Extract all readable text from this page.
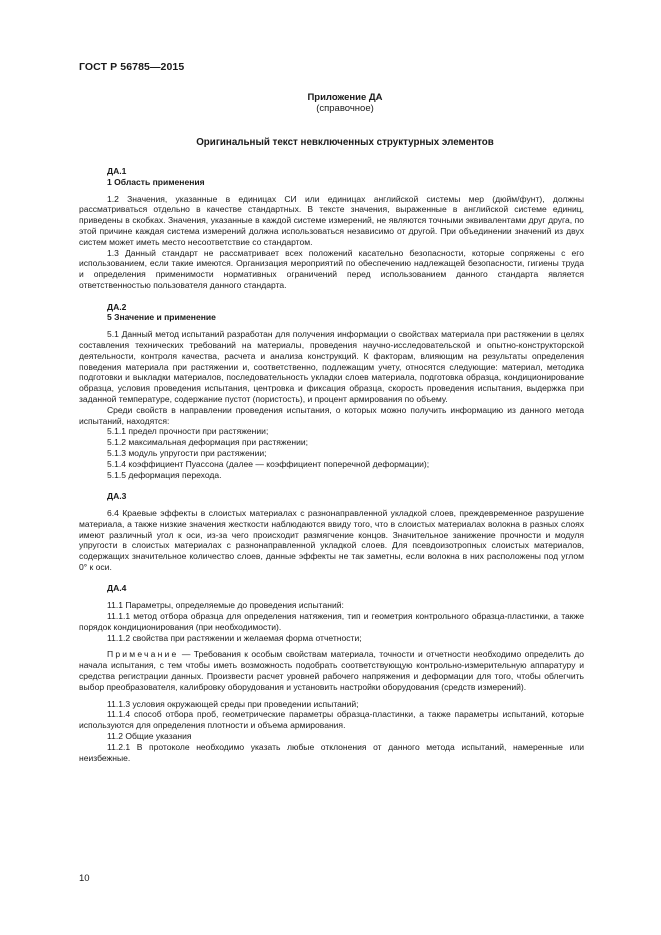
ГОСТ Р 56785—2015
Приложение ДА
(справочное)
Оригинальный текст невключенных структурных элементов

ДА.1

1 Область применения

1.2 Значения, указанные в единицах СИ или единицах английской системы мер (дюйм/фунт), должны рассматриваться отдельно в качестве стандартных. В тексте значения, выраженные в английской системе единиц, приведены в скобках. Значения, указанные в каждой системе измерений, не являются точными эквивалентами друг друга, по этой причине каждая система измерений должна использоваться независимо от другой. При объединении значений из двух систем может иметь место несоответствие со стандартом.

1.3 Данный стандарт не рассматривает всех положений касательно безопасности, которые сопряжены с его использованием, если такие имеются. Организация мероприятий по обеспечению надлежащей безопасности, гигиены труда и определения применимости нормативных ограничений перед использованием данного стандарта является ответственностью пользователя данного стандарта.

ДА.2

5 Значение и применение

5.1 Данный метод испытаний разработан для получения информации о свойствах материала при растяжении в целях составления технических требований на материалы, проведения научно-исследовательской и опытно-конструкторской деятельности, контроля качества, расчета и анализа конструкций. К факторам, влияющим на результаты определения поведения материала при растяжении и, соответственно, подлежащим учету, относятся следующие: материал, методика подготовки и выкладки материалов, последовательность укладки слоев материала, подготовка образца, кондиционирование образца, условия проведения испытания, центровка и фиксация образца, скорость проведения испытания, выдержка при заданной температуре, содержание пустот (пористость), и процент армирования по объему.

Среди свойств в направлении проведения испытания, о которых можно получить информацию из данного метода испытаний, находятся:

5.1.1 предел прочности при растяжении;

5.1.2 максимальная деформация при растяжении;

5.1.3 модуль упругости при растяжении;

5.1.4 коэффициент Пуассона (далее — коэффициент поперечной деформации);

5.1.5 деформация перехода.

ДА.3

6.4 Краевые эффекты в слоистых материалах с разнонаправленной укладкой слоев, преждевременное разрушение материала, а также низкие значения жесткости наблюдаются ввиду того, что в слоистых материалах волокна в разных слоях имеют различный угол к оси, из-за чего происходит размягчение концов. Значительное занижение прочности и модуля упругости в слоистых материалах с разнонаправленной укладкой слоев. Для псевдоизотропных слоистых материалов, содержащих значительное количество слоев, данные эффекты не так заметны, если волокна в них расположены под углом 0° к оси.

ДА.4

11.1 Параметры, определяемые до проведения испытаний:

11.1.1 метод отбора образца для определения натяжения, тип и геометрия контрольного образца-пластинки, а также порядок кондиционирования (при необходимости).

11.1.2 свойства при растяжении и желаемая форма отчетности;

Примечание — Требования к особым свойствам материала, точности и отчетности необходимо определить до начала испытания, с тем чтобы иметь возможность подобрать соответствующую контрольно-измерительную аппаратуру и средства регистрации данных. Произвести расчет уровней рабочего напряжения и деформации для того, чтобы облегчить выбор преобразователя, калибровку оборудования и установить настройки оборудования (средств измерений).

11.1.3 условия окружающей среды при проведении испытаний;

11.1.4 способ отбора проб, геометрические параметры образца-пластинки, а также параметры испытаний, которые используются для определения плотности и объема армирования.

11.2 Общие указания

11.2.1 В протоколе необходимо указать любые отклонения от данного метода испытаний, намеренные или неизбежные.

10
